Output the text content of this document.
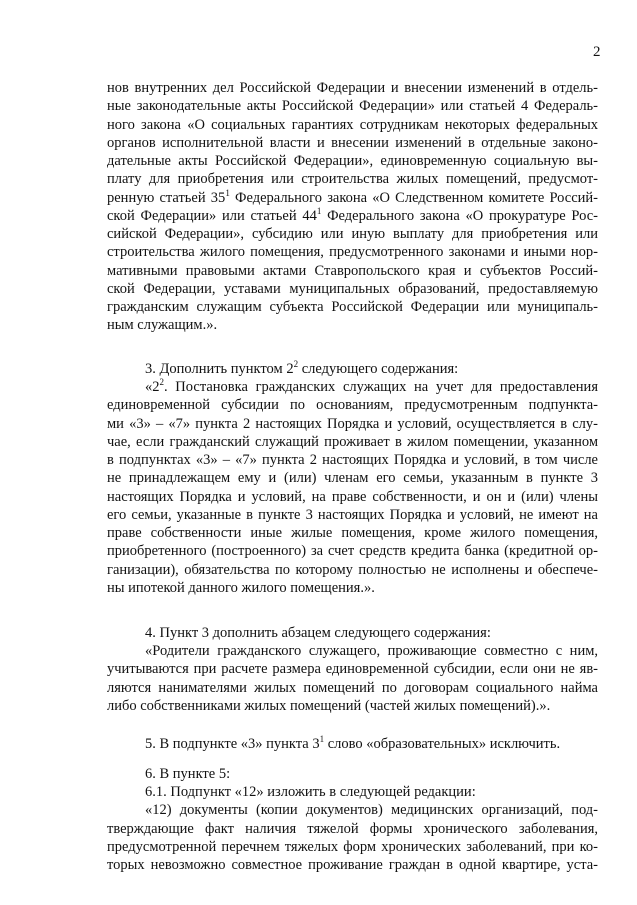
2
нов внутренних дел Российской Федерации и внесении изменений в отдель-
ные законодательные акты Российской Федерации» или статьей 4 Федераль-
ного закона «О социальных гарантиях сотрудникам некоторых федеральных
органов исполнительной власти и внесении изменений в отдельные законо-
дательные акты Российской Федерации», единовременную социальную вы-
плату для приобретения или строительства жилых помещений, предусмот-
ренную статьей $35^1$ Федерального закона «О Следственном комитете Россий-
ской Федерации» или статьей $44^1$ Федерального закона «О прокуратуре Рос-
сийской Федерации», субсидию или иную выплату для приобретения или
строительства жилого помещения, предусмотренного законами и иными нор-
мативными правовыми актами Ставропольского края и субъектов Россий-
ской Федерации, уставами муниципальных образований, предоставляемую
гражданским служащим субъекта Российской Федерации или муниципаль-
ным служащим.».
3. Дополнить пунктом $2^2$ следующего содержания:
«$2^2$. Постановка гражданских служащих на учет для предоставления
единовременной субсидии по основаниям, предусмотренным подпункта-
ми «3» – «7» пункта 2 настоящих Порядка и условий, осуществляется в слу-
чае, если гражданский служащий проживает в жилом помещении, указанном
в подпунктах «3» – «7» пункта 2 настоящих Порядка и условий, в том числе
не принадлежащем ему и (или) членам его семьи, указанным в пункте 3
настоящих Порядка и условий, на праве собственности, и он и (или) члены
его семьи, указанные в пункте 3 настоящих Порядка и условий, не имеют на
праве собственности иные жилые помещения, кроме жилого помещения,
приобретенного (построенного) за счет средств кредита банка (кредитной ор-
ганизации), обязательства по которому полностью не исполнены и обеспече-
ны ипотекой данного жилого помещения.».
4. Пункт 3 дополнить абзацем следующего содержания:
«Родители гражданского служащего, проживающие совместно с ним,
учитываются при расчете размера единовременной субсидии, если они не яв-
ляются нанимателями жилых помещений по договорам социального найма
либо собственниками жилых помещений (частей жилых помещений).».
5. В подпункте «3» пункта $3^1$ слово «образовательных» исключить.
6. В пункте 5:
6.1. Подпункт «12» изложить в следующей редакции:
«12) документы (копии документов) медицинских организаций, под-
тверждающие факт наличия тяжелой формы хронического заболевания,
предусмотренной перечнем тяжелых форм хронических заболеваний, при ко-
торых невозможно совместное проживание граждан в одной квартире, уста-
